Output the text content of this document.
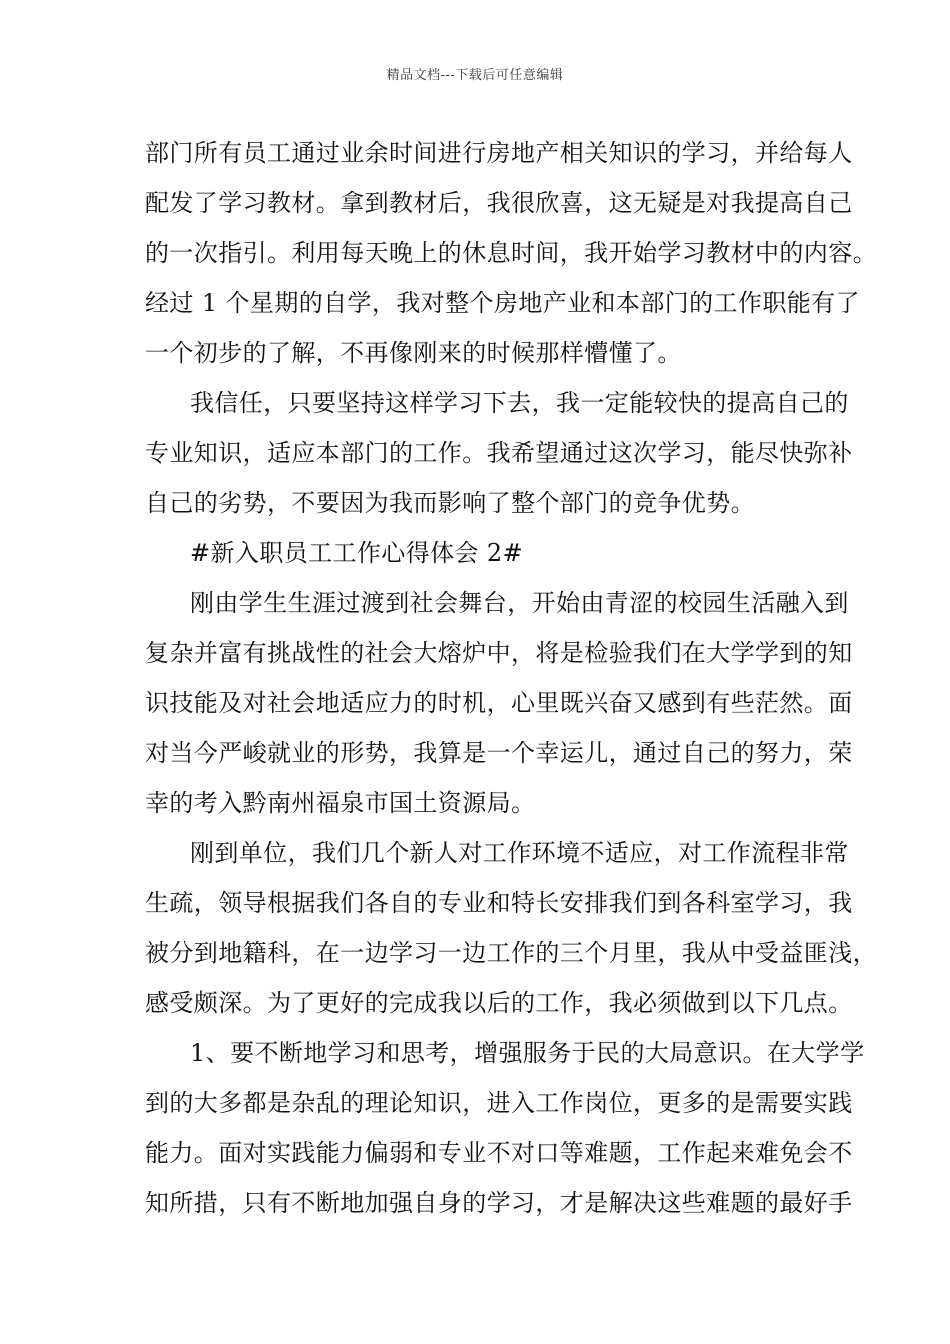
精品文档---下载后可任意编辑
部门所有员工通过业余时间进行房地产相关知识的学习，并给每人
配发了学习教材。拿到教材后，我很欣喜，这无疑是对我提高自己
的一次指引。利用每天晚上的休息时间，我开始学习教材中的内容。
经过 1 个星期的自学，我对整个房地产业和本部门的工作职能有了
一个初步的了解，不再像刚来的时候那样懵懂了。
我信任，只要坚持这样学习下去，我一定能较快的提高自己的
专业知识，适应本部门的工作。我希望通过这次学习，能尽快弥补
自己的劣势，不要因为我而影响了整个部门的竞争优势。
#新入职员工工作心得体会 2#
刚由学生生涯过渡到社会舞台，开始由青涩的校园生活融入到
复杂并富有挑战性的社会大熔炉中，将是检验我们在大学学到的知
识技能及对社会地适应力的时机，心里既兴奋又感到有些茫然。面
对当今严峻就业的形势，我算是一个幸运儿，通过自己的努力，荣
幸的考入黔南州福泉市国土资源局。
刚到单位，我们几个新人对工作环境不适应，对工作流程非常
生疏，领导根据我们各自的专业和特长安排我们到各科室学习，我
被分到地籍科，在一边学习一边工作的三个月里，我从中受益匪浅，
感受颇深。为了更好的完成我以后的工作，我必须做到以下几点。
1、要不断地学习和思考，增强服务于民的大局意识。在大学学
到的大多都是杂乱的理论知识，进入工作岗位，更多的是需要实践
能力。面对实践能力偏弱和专业不对口等难题，工作起来难免会不
知所措，只有不断地加强自身的学习，才是解决这些难题的最好手
